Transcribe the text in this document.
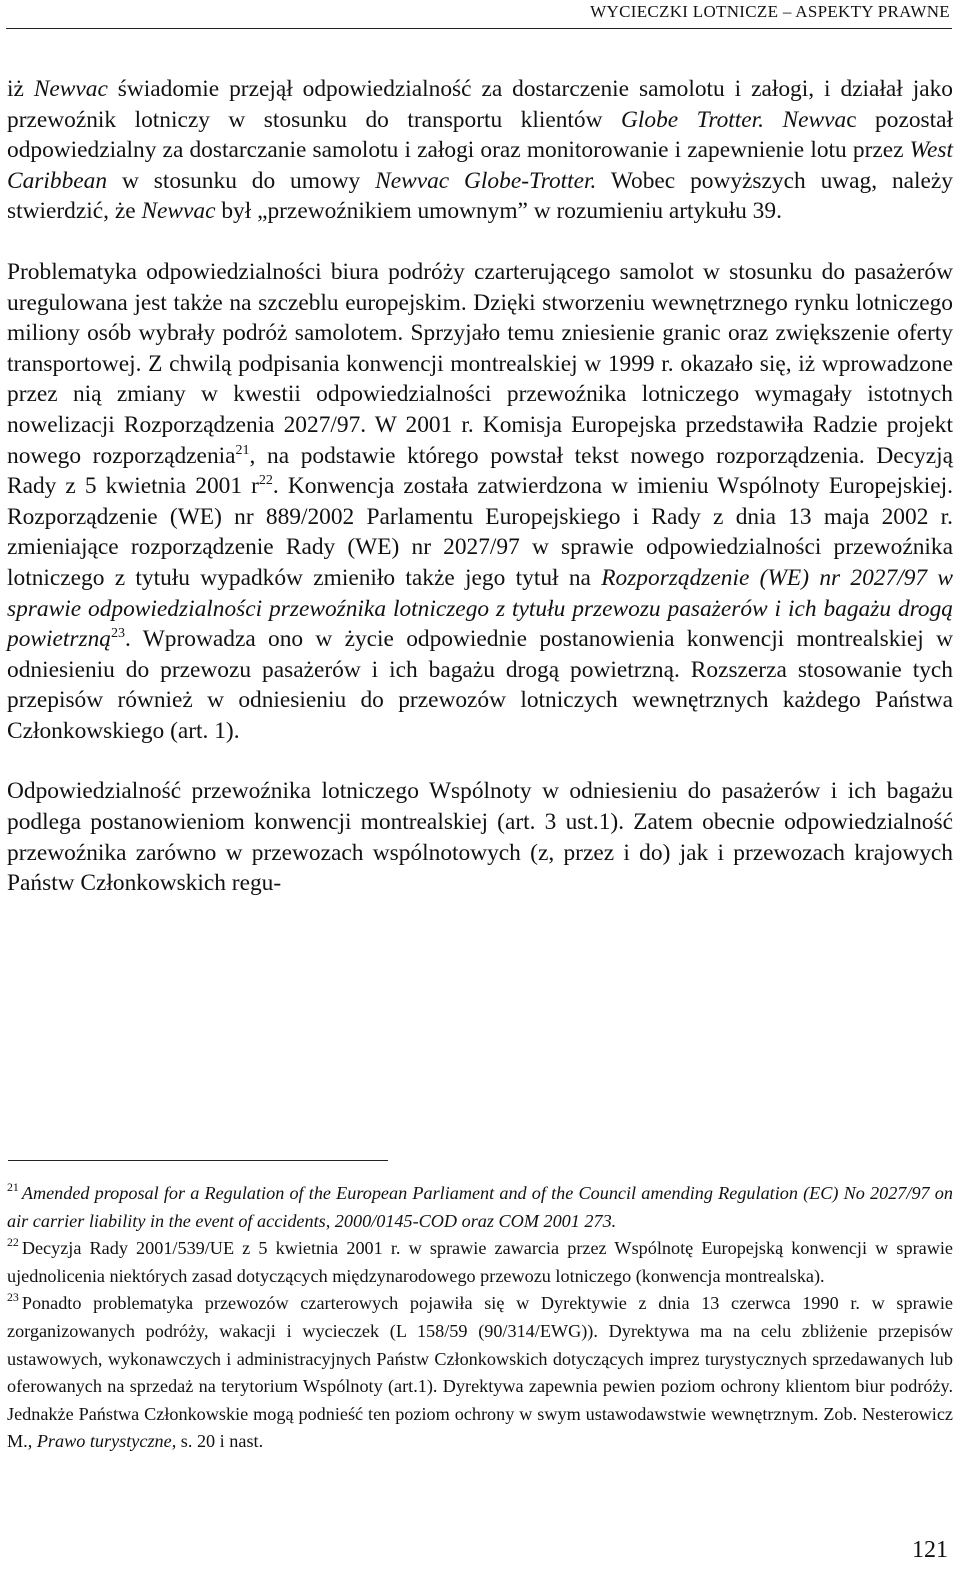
WYCIECZKI LOTNICZE – ASPEKTY PRAWNE

iż Newvac świadomie przejął odpowiedzialność za dostarczenie samolotu i załogi, i działał jako przewoźnik lotniczy w stosunku do transportu klientów Globe Trotter. Newvac pozostał odpowiedzialny za dostarczanie samolotu i załogi oraz monitorowanie i zapewnienie lotu przez West Caribbean w stosunku do umowy Newvac Globe-Trotter. Wobec powyższych uwag, należy stwierdzić, że Newvac był „przewoźnikiem umownym” w rozumieniu artykułu 39.

Problematyka odpowiedzialności biura podróży czarterującego samolot w stosunku do pasażerów uregulowana jest także na szczeblu europejskim. Dzięki stworzeniu wewnętrznego rynku lotniczego miliony osób wybrały podróż samolotem. Sprzyjało temu zniesienie granic oraz zwiększenie oferty transportowej. Z chwilą podpisania konwencji montrealskiej w 1999 r. okazało się, iż wprowadzone przez nią zmiany w kwestii odpowiedzialności przewoźnika lotniczego wymagały istotnych nowelizacji Rozporządzenia 2027/97. W 2001 r. Komisja Europejska przedstawiła Radzie projekt nowego rozporządzenia$^{21}$, na podstawie którego powstał tekst nowego rozporządzenia. Decyzją Rady z 5 kwietnia 2001 $r^{22}$. Konwencja została zatwierdzona w imieniu Wspólnoty Europejskiej. Rozporządzenie (WE) nr 889/2002 Parlamentu Europejskiego i Rady z dnia 13 maja 2002 r. zmieniające rozporządzenie Rady (WE) nr 2027/97 w sprawie odpowiedzialności przewoźnika lotniczego z tytułu wypadków zmieniło także jego tytuł na Rozporządzenie (WE) nr 2027/97 w sprawie odpowiedzialności przewoźnika lotniczego z tytułu przewozu pasażerów i ich bagażu drogą powietrzną$^{23}$. Wprowadza ono w życie odpowiednie postanowienia konwencji montrealskiej w odniesieniu do przewozu pasażerów i ich bagażu drogą powietrzną. Rozszerza stosowanie tych przepisów również w odniesieniu do przewozów lotniczych wewnętrznych każdego Państwa Członkowskiego (art. 1).

Odpowiedzialność przewoźnika lotniczego Wspólnoty w odniesieniu do pasażerów i ich bagażu podlega postanowieniom konwencji montrealskiej (art. 3 ust.1). Zatem obecnie odpowiedzialność przewoźnika zarówno w przewozach wspólnotowych (z, przez i do) jak i przewozach krajowych Państw Członkowskich regu-

$^{21}$ Amended proposal for a Regulation of the European Parliament and of the Council amending Regulation (EC) No 2027/97 on air carrier liability in the event of accidents, 2000/0145-COD oraz COM 2001 273.

$^{22}$ Decyzja Rady 2001/539/UE z 5 kwietnia 2001 r. w sprawie zawarcia przez Wspólnotę Europejską konwencji w sprawie ujednolicenia niektórych zasad dotyczących międzynarodowego przewozu lotniczego (konwencja montrealska).

$^{23}$ Ponadto problematyka przewozów czarterowych pojawiła się w Dyrektywie z dnia 13 czerwca 1990 r. w sprawie zorganizowanych podróży, wakacji i wycieczek (L 158/59 (90/314/EWG)). Dyrektywa ma na celu zbliżenie przepisów ustawowych, wykonawczych i administracyjnych Państw Członkowskich dotyczących imprez turystycznych sprzedawanych lub oferowanych na sprzedaż na terytorium Wspólnoty (art.1). Dyrektywa zapewnia pewien poziom ochrony klientom biur podróży. Jednakże Państwa Członkowskie mogą podnieść ten poziom ochrony w swym ustawodawstwie wewnętrznym. Zob. Nesterowicz M., Prawo turystyczne, s. 20 i nast.

121
